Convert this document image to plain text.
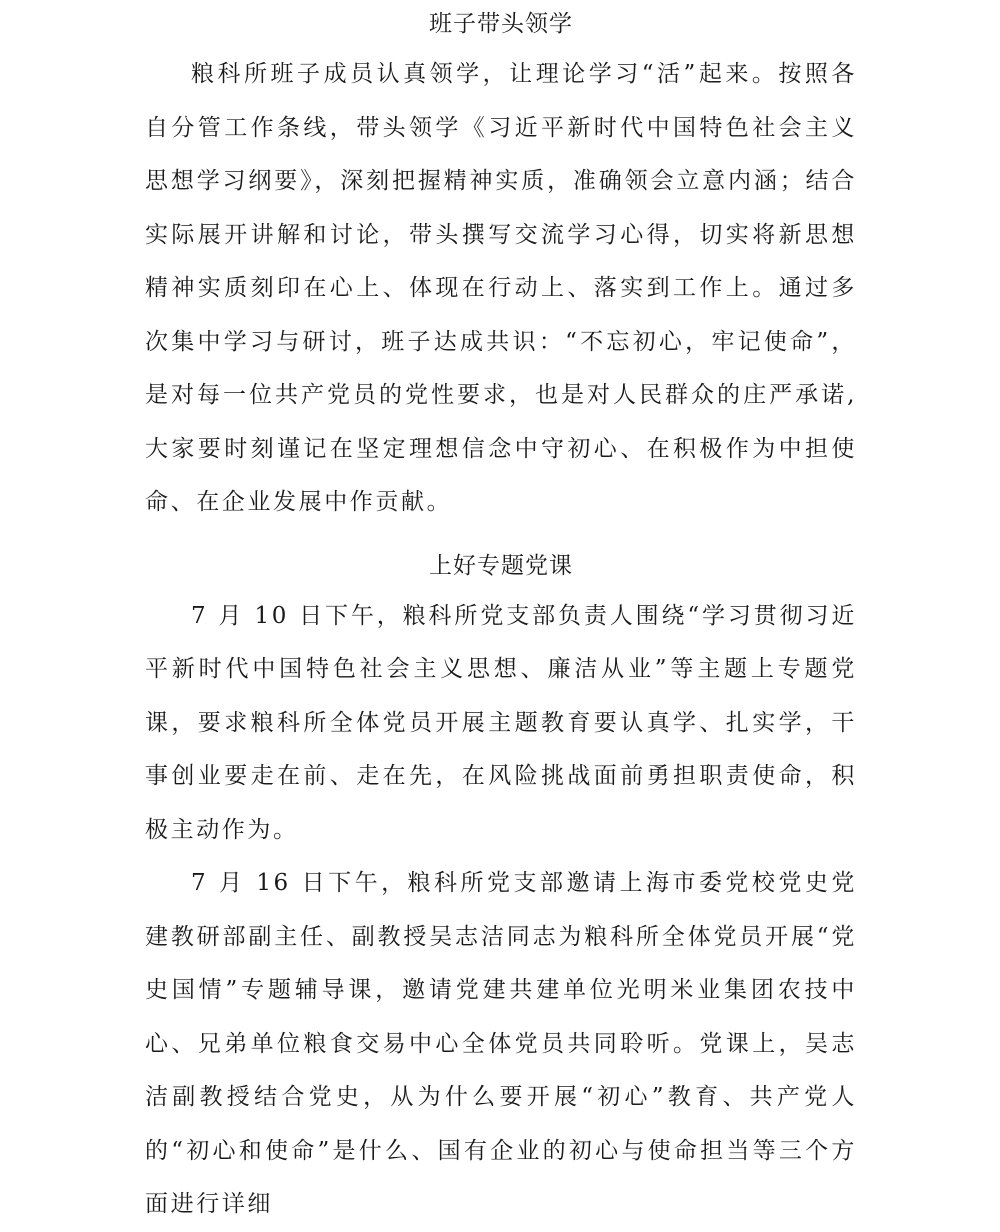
班子带头领学

粮科所班子成员认真领学，让理论学习“活”起来。按照各自分管工作条线，带头领学《习近平新时代中国特色社会主义思想学习纲要》，深刻把握精神实质，准确领会立意内涵；结合实际展开讲解和讨论，带头撰写交流学习心得，切实将新思想精神实质刻印在心上、体现在行动上、落实到工作上。通过多次集中学习与研讨，班子达成共识：“不忘初心，牢记使命”，是对每一位共产党员的党性要求，也是对人民群众的庄严承诺,大家要时刻谨记在坚定理想信念中守初心、在积极作为中担使命、在企业发展中作贡献。

上好专题党课

7 月 10 日下午，粮科所党支部负责人围绕“学习贯彻习近平新时代中国特色社会主义思想、廉洁从业”等主题上专题党课，要求粮科所全体党员开展主题教育要认真学、扎实学，干事创业要走在前、走在先，在风险挑战面前勇担职责使命，积极主动作为。

7 月 16 日下午，粮科所党支部邀请上海市委党校党史党建教研部副主任、副教授吴志洁同志为粮科所全体党员开展“党史国情”专题辅导课，邀请党建共建单位光明米业集团农技中心、兄弟单位粮食交易中心全体党员共同聆听。党课上，吴志洁副教授结合党史，从为什么要开展“初心”教育、共产党人的“初心和使命”是什么、国有企业的初心与使命担当等三个方面进行详细
